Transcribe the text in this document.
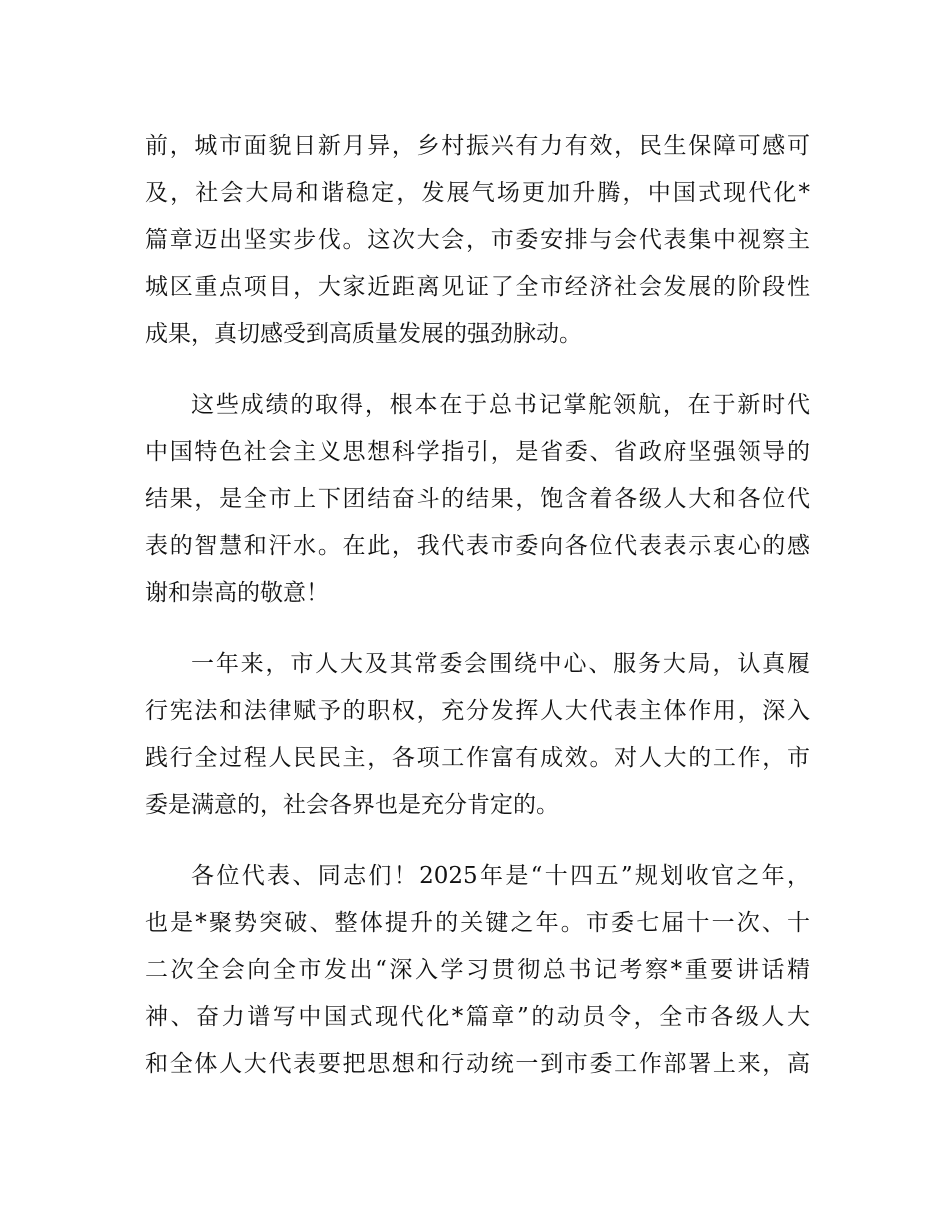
前，城市面貌日新月异，乡村振兴有力有效，民生保障可感可
及，社会大局和谐稳定，发展气场更加升腾，中国式现代化*
篇章迈出坚实步伐。这次大会，市委安排与会代表集中视察主
城区重点项目，大家近距离见证了全市经济社会发展的阶段性
成果，真切感受到高质量发展的强劲脉动。
这些成绩的取得，根本在于总书记掌舵领航，在于新时代
中国特色社会主义思想科学指引，是省委、省政府坚强领导的
结果，是全市上下团结奋斗的结果，饱含着各级人大和各位代
表的智慧和汗水。在此，我代表市委向各位代表表示衷心的感
谢和崇高的敬意！
一年来，市人大及其常委会围绕中心、服务大局，认真履
行宪法和法律赋予的职权，充分发挥人大代表主体作用，深入
践行全过程人民民主，各项工作富有成效。对人大的工作，市
委是满意的，社会各界也是充分肯定的。
各位代表、同志们！2025年是“十四五”规划收官之年，
也是*聚势突破、整体提升的关键之年。市委七届十一次、十
二次全会向全市发出“深入学习贯彻总书记考察*重要讲话精
神、奋力谱写中国式现代化*篇章”的动员令，全市各级人大
和全体人大代表要把思想和行动统一到市委工作部署上来，高
